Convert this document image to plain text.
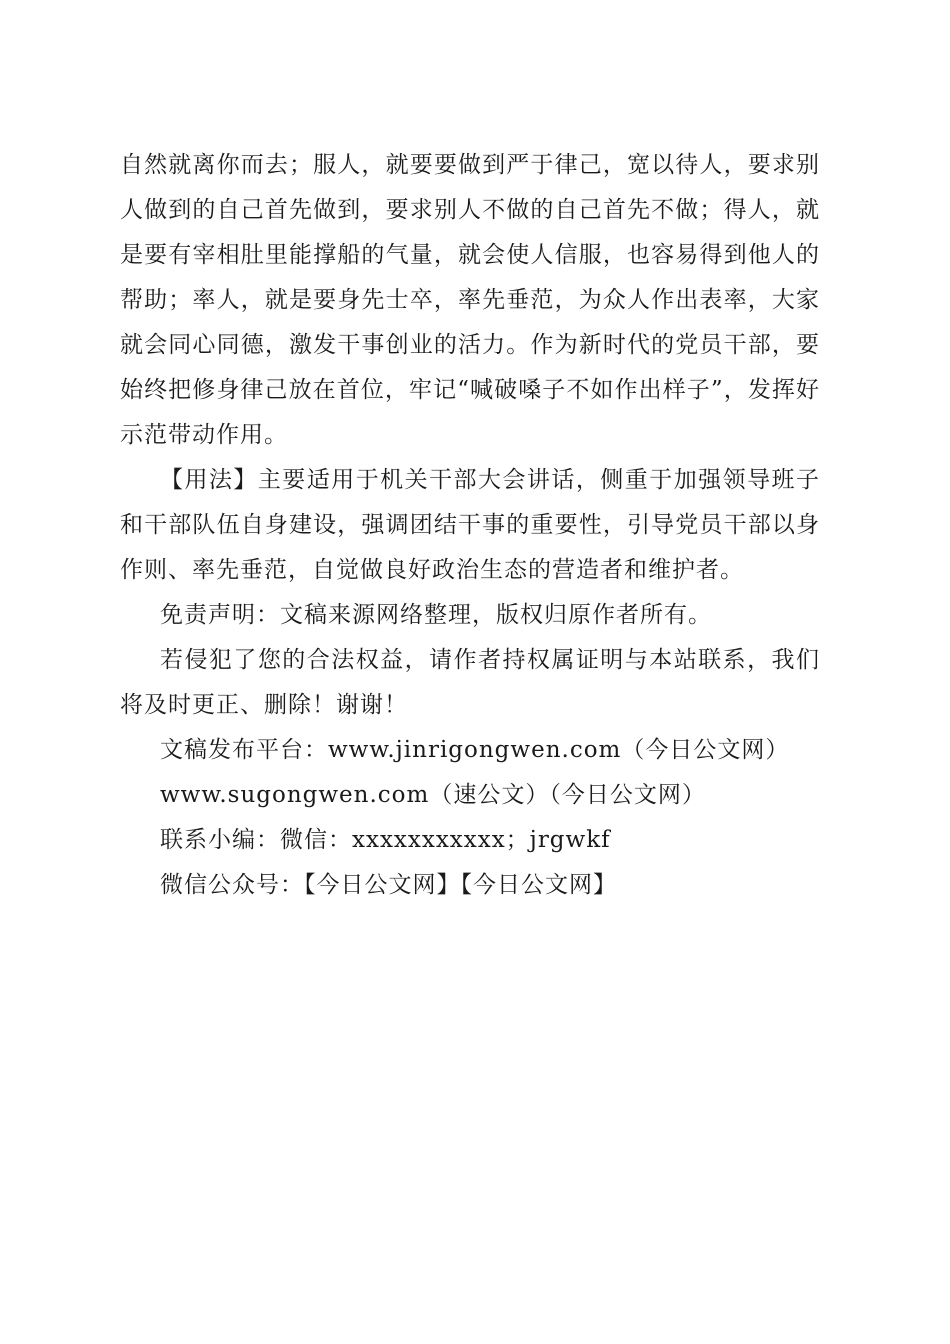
自然就离你而去；服人，就要要做到严于律己，宽以待人，要求别人做到的自己首先做到，要求别人不做的自己首先不做；得人，就是要有宰相肚里能撑船的气量，就会使人信服，也容易得到他人的帮助；率人，就是要身先士卒，率先垂范，为众人作出表率，大家就会同心同德，激发干事创业的活力。作为新时代的党员干部，要始终把修身律己放在首位，牢记“喊破嗓子不如作出样子”，发挥好示范带动作用。

【用法】主要适用于机关干部大会讲话，侧重于加强领导班子和干部队伍自身建设，强调团结干事的重要性，引导党员干部以身作则、率先垂范，自觉做良好政治生态的营造者和维护者。

免责声明：文稿来源网络整理，版权归原作者所有。

若侵犯了您的合法权益，请作者持权属证明与本站联系，我们将及时更正、删除！谢谢！

文稿发布平台：www.jinrigongwen.com（今日公文网）

www.sugongwen.com（速公文）（今日公文网）

联系小编：微信：xxxxxxxxxxx；jrgwkf

微信公众号：【今日公文网】【今日公文网】
